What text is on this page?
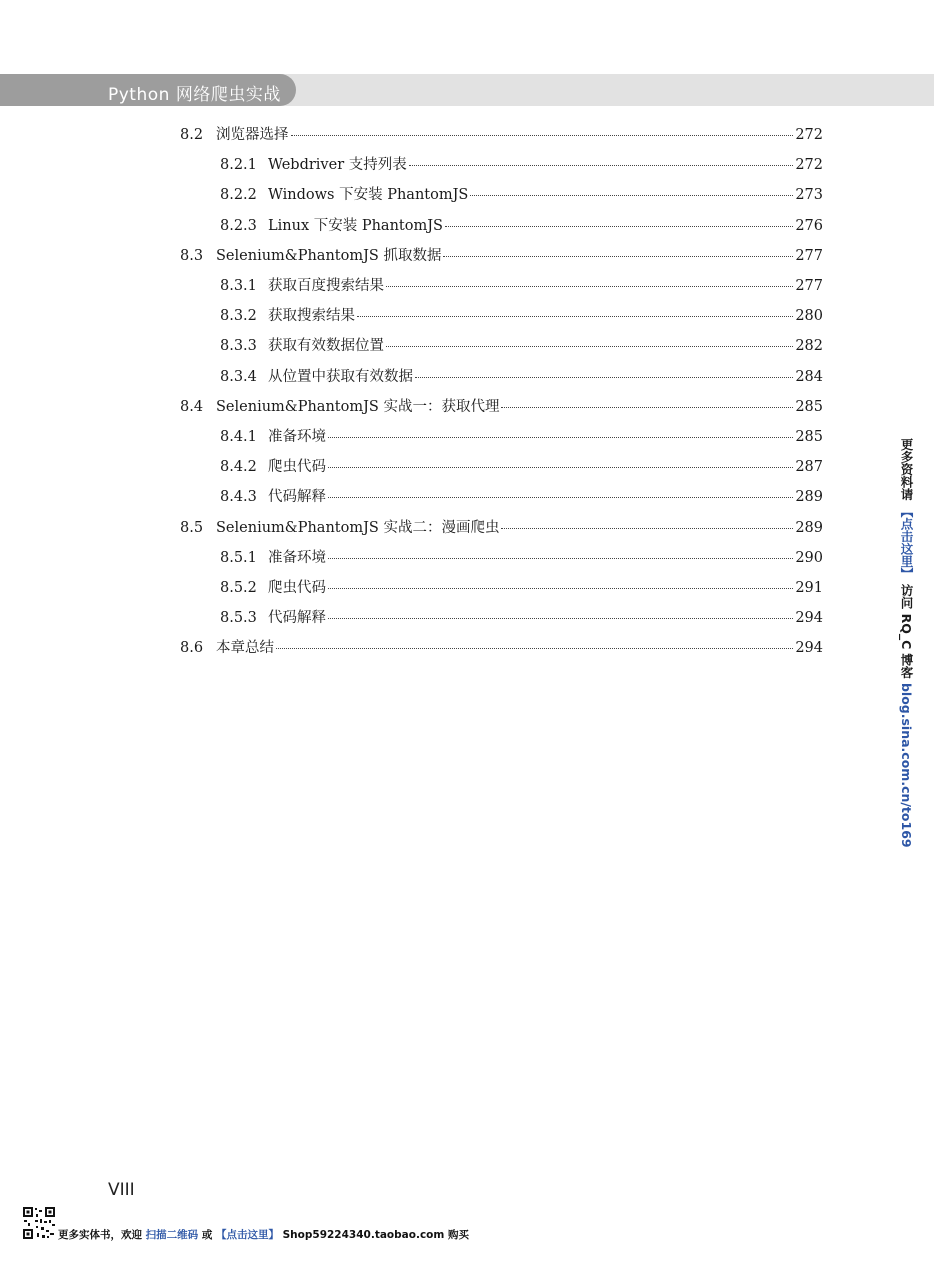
Python 网络爬虫实战
8.2 浏览器选择	272
8.2.1 Webdriver 支持列表	272
8.2.2 Windows 下安装 PhantomJS	273
8.2.3 Linux 下安装 PhantomJS	276
8.3 Selenium&PhantomJS 抓取数据	277
8.3.1 获取百度搜索结果	277
8.3.2 获取搜索结果	280
8.3.3 获取有效数据位置	282
8.3.4 从位置中获取有效数据	284
8.4 Selenium&PhantomJS 实战一：获取代理	285
8.4.1 准备环境	285
8.4.2 爬虫代码	287
8.4.3 代码解释	289
8.5 Selenium&PhantomJS 实战二：漫画爬虫	289
8.5.1 准备环境	290
8.5.2 爬虫代码	291
8.5.3 代码解释	294
8.6 本章总结	294
更多资料请 【点击这里】 访问 RQ_C 博客 blog.sina.com.cn/to169
VIII
更多实体书，欢迎 扫描二维码 或 【点击这里】 Shop59224340.taobao.com 购买
